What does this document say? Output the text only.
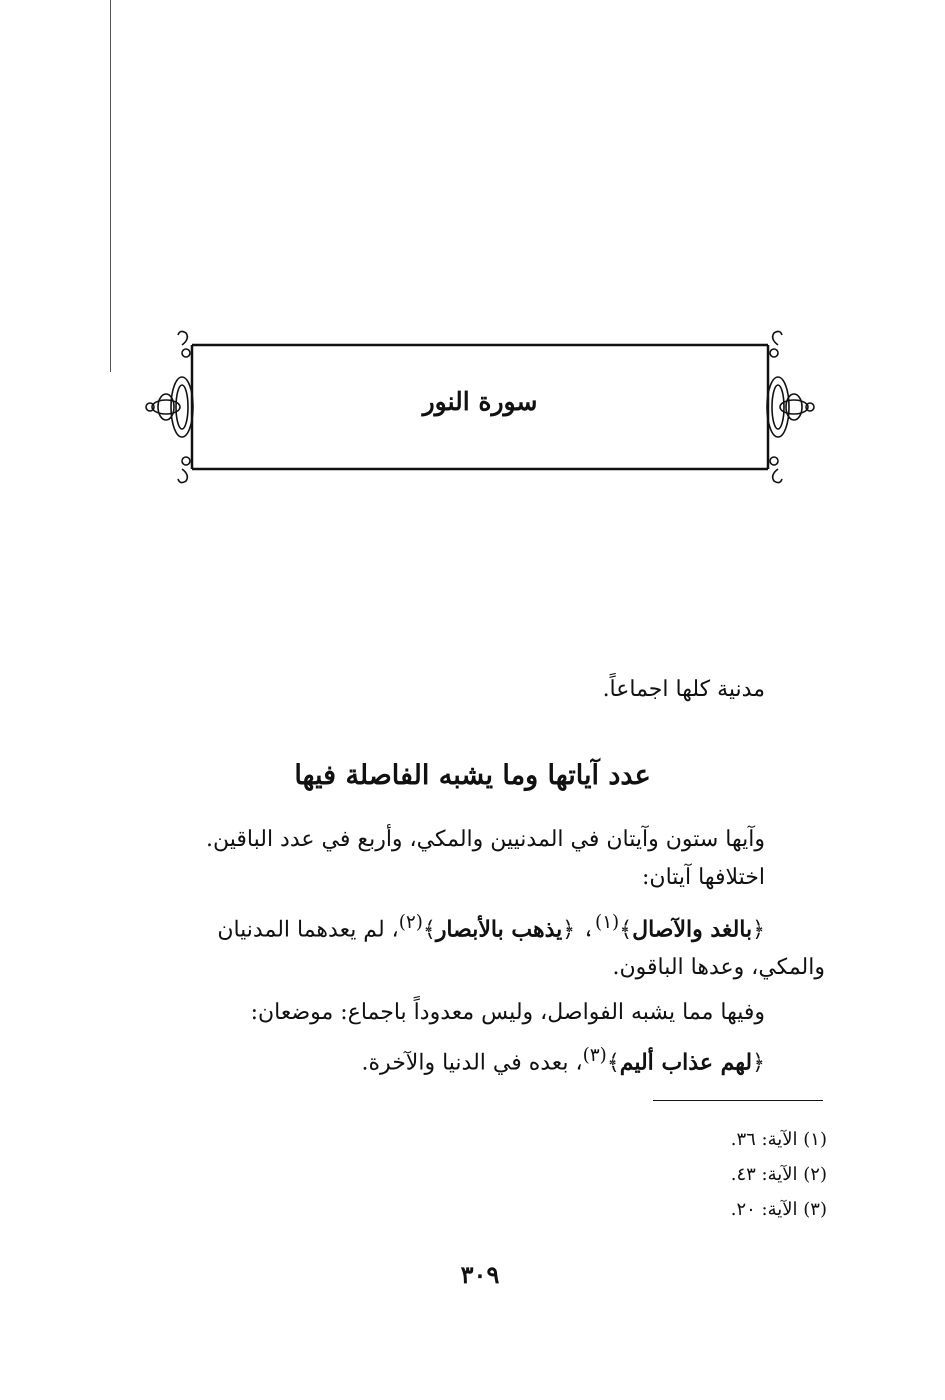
سورة النور
مدنية كلها اجماعاً.
عدد آياتها وما يشبه الفاصلة فيها
وآيها ستون وآيتان في المدنيين والمكي، وأربع في عدد الباقين.
اختلافها آيتان:
﴿بالغد والآصال﴾$^{(١)}$، ﴿يذهب بالأبصار﴾$^{(٢)}$، لم يعدهما المدنيان
والمكي، وعدها الباقون.
وفيها مما يشبه الفواصل، وليس معدوداً باجماع: موضعان:
﴿لهم عذاب أليم﴾$^{(٣)}$، بعده في الدنيا والآخرة.
(١) الآية: ٣٦.
(٢) الآية: ٤٣.
(٣) الآية: ٢٠.
٣٠٩
